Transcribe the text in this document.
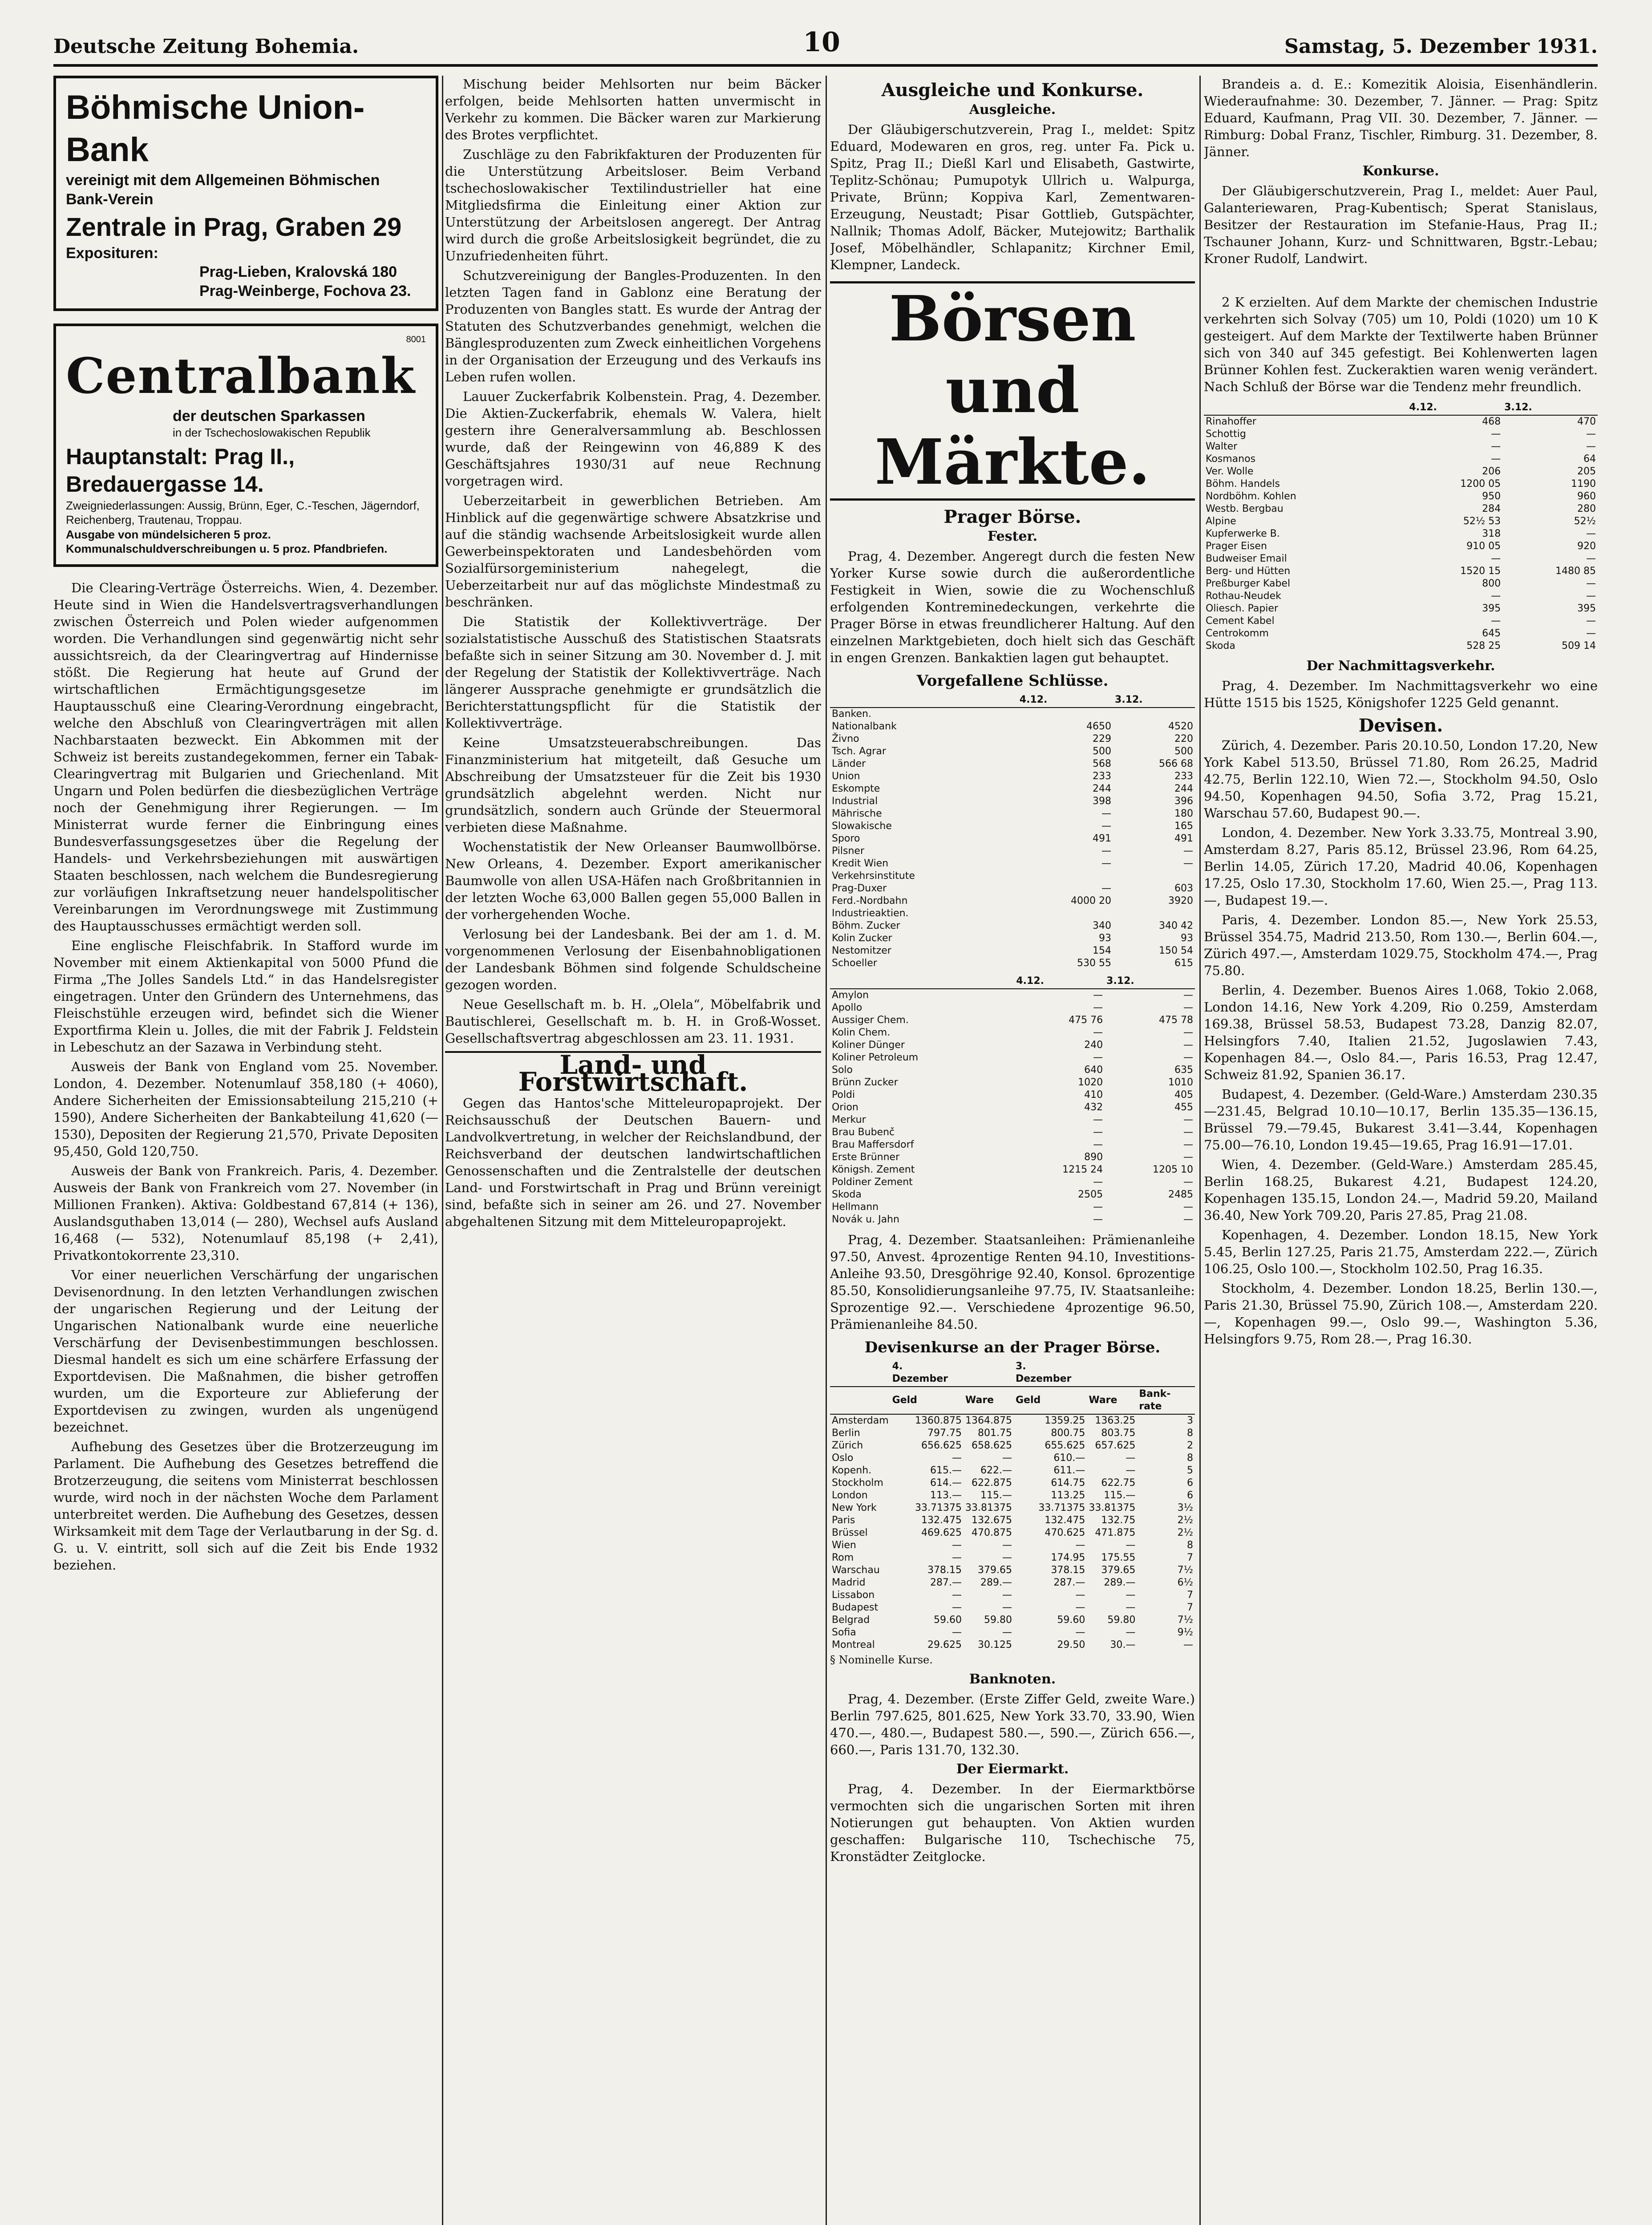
Deutsche Zeitung Bohemia.	10	Samstag, 5. Dezember 1931.
Böhmische Union-Bank
vereinigt mit dem Allgemeinen Böhmischen
Bank-Verein
Zentrale in Prag, Graben 29
Exposituren:
Prag-Lieben, Kralovská 180
Prag-Weinberge, Fochova 23.
8001
Centralbank
der deutschen Sparkassen
in der Tschechoslowakischen Republik
Hauptanstalt: Prag II., Bredauergasse 14.
Zweigniederlassungen: Aussig, Brünn, Eger, C.-Teschen, Jägerndorf, Reichenberg, Trautenau, Troppau.
Ausgabe von mündelsicheren 5 proz. Kommunalschuldverschreibungen u. 5 proz. Pfandbriefen.

Die Clearing-Verträge Österreichs. Wien, 4. Dezember. Heute sind in Wien die Handelsvertragsverhandlungen zwischen Österreich und Polen wieder aufgenommen worden. Die Verhandlungen sind gegenwärtig nicht sehr aussichtsreich, da der Clearingvertrag auf Hindernisse stößt. Die Regierung hat heute auf Grund der wirtschaftlichen Ermächtigungsgesetze im Hauptausschuß eine Clearing-Verordnung eingebracht, welche den Abschluß von Clearingverträgen mit allen Nachbarstaaten bezweckt. Ein Abkommen mit der Schweiz ist bereits zustandegekommen, ferner ein Tabak-Clearingvertrag mit Bulgarien und Griechenland. Mit Ungarn und Polen bedürfen die diesbezüglichen Verträge noch der Genehmigung ihrer Regierungen. — Im Ministerrat wurde ferner die Einbringung eines Bundesverfassungsgesetzes über die Regelung der Handels- und Verkehrsbeziehungen mit auswärtigen Staaten beschlossen, nach welchem die Bundesregierung zur vorläufigen Inkraftsetzung neuer handelspolitischer Vereinbarungen im Verordnungswege mit Zustimmung des Hauptausschusses ermächtigt werden soll.

Eine englische Fleischfabrik. In Stafford wurde im November mit einem Aktienkapital von 5000 Pfund die Firma „The Jolles Sandels Ltd.“ in das Handelsregister eingetragen. Unter den Gründern des Unternehmens, das Fleischstühle erzeugen wird, befindet sich die Wiener Exportfirma Klein u. Jolles, die mit der Fabrik J. Feldstein in Lebeschutz an der Sazawa in Verbindung steht.

Ausweis der Bank von England vom 25. November. London, 4. Dezember. Notenumlauf 358,180 (+ 4060), Andere Sicherheiten der Emissionsabteilung 215,210 (+ 1590), Andere Sicherheiten der Bankabteilung 41,620 (— 1530), Depositen der Regierung 21,570, Private Depositen 95,450, Gold 120,750.

Ausweis der Bank von Frankreich. Paris, 4. Dezember. Ausweis der Bank von Frankreich vom 27. November (in Millionen Franken). Aktiva: Goldbestand 67,814 (+ 136), Auslandsguthaben 13,014 (— 280), Wechsel aufs Ausland 16,468 (— 532), Notenumlauf 85,198 (+ 2,41), Privatkontokorrente 23,310.

Vor einer neuerlichen Verschärfung der ungarischen Devisenordnung. In den letzten Verhandlungen zwischen der ungarischen Regierung und der Leitung der Ungarischen Nationalbank wurde eine neuerliche Verschärfung der Devisenbestimmungen beschlossen. Diesmal handelt es sich um eine schärfere Erfassung der Exportdevisen. Die Maßnahmen, die bisher getroffen wurden, um die Exporteure zur Ablieferung der Exportdevisen zu zwingen, wurden als ungenügend bezeichnet.

Aufhebung des Gesetzes über die Brotzerzeugung im Parlament. Die Aufhebung des Gesetzes betreffend die Brotzerzeugung, die seitens vom Ministerrat beschlossen wurde, wird noch in der nächsten Woche dem Parlament unterbreitet werden. Die Aufhebung des Gesetzes, dessen Wirksamkeit mit dem Tage der Verlautbarung in der Sg. d. G. u. V. eintritt, soll sich auf die Zeit bis Ende 1932 beziehen.

Mischung beider Mehlsorten nur beim Bäcker erfolgen, beide Mehlsorten hatten unvermischt in Verkehr zu kommen. Die Bäcker waren zur Markierung des Brotes verpflichtet.

Zuschläge zu den Fabrikfakturen der Produzenten für die Unterstützung Arbeitsloser. Beim Verband tschechoslowakischer Textilindustrieller hat eine Mitgliedsfirma die Einleitung einer Aktion zur Unterstützung der Arbeitslosen angeregt. Der Antrag wird durch die große Arbeitslosigkeit begründet, die zu Unzufriedenheiten führt.

Schutzvereinigung der Bangles-Produzenten. In den letzten Tagen fand in Gablonz eine Beratung der Produzenten von Bangles statt. Es wurde der Antrag der Statuten des Schutzverbandes genehmigt, welchen die Bänglesproduzenten zum Zweck einheitlichen Vorgehens in der Organisation der Erzeugung und des Verkaufs ins Leben rufen wollen.

Lauuer Zuckerfabrik Kolbenstein. Prag, 4. Dezember. Die Aktien-Zuckerfabrik, ehemals W. Valera, hielt gestern ihre Generalversammlung ab. Beschlossen wurde, daß der Reingewinn von 46,889 K des Geschäftsjahres 1930/31 auf neue Rechnung vorgetragen wird.

Ueberzeitarbeit in gewerblichen Betrieben. Am Hinblick auf die gegenwärtige schwere Absatzkrise und auf die ständig wachsende Arbeitslosigkeit wurde allen Gewerbeinspektoraten und Landesbehörden vom Sozialfürsorgeministerium nahegelegt, die Ueberzeitarbeit nur auf das möglichste Mindestmaß zu beschränken.

Die Statistik der Kollektivverträge. Der sozialstatistische Ausschuß des Statistischen Staatsrats befaßte sich in seiner Sitzung am 30. November d. J. mit der Regelung der Statistik der Kollektivverträge. Nach längerer Aussprache genehmigte er grundsätzlich die Berichterstattungspflicht für die Statistik der Kollektivverträge.

Keine Umsatzsteuerabschreibungen. Das Finanzministerium hat mitgeteilt, daß Gesuche um Abschreibung der Umsatzsteuer für die Zeit bis 1930 grundsätzlich abgelehnt werden. Nicht nur grundsätzlich, sondern auch Gründe der Steuermoral verbieten diese Maßnahme.

Wochenstatistik der New Orleanser Baumwollbörse. New Orleans, 4. Dezember. Export amerikanischer Baumwolle von allen USA-Häfen nach Großbritannien in der letzten Woche 63,000 Ballen gegen 55,000 Ballen in der vorhergehenden Woche.

Verlosung bei der Landesbank. Bei der am 1. d. M. vorgenommenen Verlosung der Eisenbahnobligationen der Landesbank Böhmen sind folgende Schuldscheine gezogen worden.

Neue Gesellschaft m. b. H. „Olela“, Möbelfabrik und Bautischlerei, Gesellschaft m. b. H. in Groß-Wosset. Gesellschaftsvertrag abgeschlossen am 23. 11. 1931.

Land- und Forstwirtschaft.

Gegen das Hantos'sche Mitteleuropaprojekt. Der Reichsausschuß der Deutschen Bauern- und Landvolkvertretung, in welcher der Reichslandbund, der Reichsverband der deutschen landwirtschaftlichen Genossenschaften und die Zentralstelle der deutschen Land- und Forstwirtschaft in Prag und Brünn vereinigt sind, befaßte sich in seiner am 26. und 27. November abgehaltenen Sitzung mit dem Mitteleuropaprojekt.

Ausgleiche und Konkurse.
Ausgleiche.

Der Gläubigerschutzverein, Prag I., meldet: Spitz Eduard, Modewaren en gros, reg. unter Fa. Pick u. Spitz, Prag II.; Dießl Karl und Elisabeth, Gastwirte, Teplitz-Schönau; Pumupotyk Ullrich u. Walpurga, Private, Brünn; Koppiva Karl, Zementwaren-Erzeugung, Neustadt; Pisar Gottlieb, Gutspächter, Nallnik; Thomas Adolf, Bäcker, Mutejowitz; Barthalik Josef, Möbelhändler, Schlapanitz; Kirchner Emil, Klempner, Landeck.

Börsen und Märkte.
Prager Börse.
Fester.

Prag, 4. Dezember. Angeregt durch die festen New Yorker Kurse sowie durch die außerordentliche Festigkeit in Wien, sowie die zu Wochenschluß erfolgenden Kontreminedeckungen, verkehrte die Prager Börse in etwas freundlicherer Haltung. Auf den einzelnen Marktgebieten, doch hielt sich das Geschäft in engen Grenzen. Bankaktien lagen gut behauptet.

Vorgefallene Schlüsse.
	4.12.	3.12.
Banken.		
Nationalbank	4650	4520
Živno	229	220
Tsch. Agrar	500	500
Länder	568	566 68
Union	233	233
Eskompte	244	244
Industrial	398	396
Mährische	—	180
Slowakische	—	165
Sporo	491	491
Pilsner	—	—
Kredit Wien	—	—
Verkehrsinstitute		
Prag-Duxer	—	603
Ferd.-Nordbahn	4000 20	3920
Industrieaktien.		
Böhm. Zucker	340	340 42
Kolin Zucker	93	93
Nestomitzer	154	150 54
Schoeller	530 55	615
	4.12.	3.12.
Amylon	—	—
Apollo	—	—
Aussiger Chem.	475 76	475 78
Kolin Chem.	—	—
Koliner Dünger	240	—
Koliner Petroleum	—	—
Solo	640	635
Brünn Zucker	1020	1010
Poldi	410	405
Orion	432	455
Merkur	—	—
Brau Bubenč	—	—
Brau Maffersdorf	—	—
Erste Brünner	890	—
Königsh. Zement	1215 24	1205 10
Poldiner Zement	—	—
Skoda	2505	2485
Hellmann	—	—
Novák u. Jahn	—	—

Prag, 4. Dezember. Staatsanleihen: Prämienanleihe 97.50, Anvest. 4prozentige Renten 94.10, Investitions-Anleihe 93.50, Dresgöhrige 92.40, Konsol. 6prozentige 85.50, Konsolidierungsanleihe 97.75, IV. Staatsanleihe: Sprozentige 92.—. Verschiedene 4prozentige 96.50, Prämienanleihe 84.50.

Devisenkurse an der Prager Börse.
	4. Dezember		3. Dezember		
	Geld	Ware	Geld	Ware	Bank-rate
Amsterdam	1360.875	1364.875	1359.25	1363.25	3
Berlin	797.75	801.75	800.75	803.75	8
Zürich	656.625	658.625	655.625	657.625	2
Oslo	—	—	610.—	—	8
Kopenh.	615.—	622.—	611.—	—	5
Stockholm	614.—	622.875	614.75	622.75	6
London	113.—	115.—	113.25	115.—	6
New York	33.71375	33.81375	33.71375	33.81375	3½
Paris	132.475	132.675	132.475	132.75	2½
Brüssel	469.625	470.875	470.625	471.875	2½
Wien	—	—	—	—	8
Rom	—	—	174.95	175.55	7
Warschau	378.15	379.65	378.15	379.65	7½
Madrid	287.—	289.—	287.—	289.—	6½
Lissabon	—	—	—	—	7
Budapest	—	—	—	—	7
Belgrad	59.60	59.80	59.60	59.80	7½
Sofia	—	—	—	—	9½
Montreal	29.625	30.125	29.50	30.—	—
§ Nominelle Kurse.
Banknoten.

Prag, 4. Dezember. (Erste Ziffer Geld, zweite Ware.) Berlin 797.625, 801.625, New York 33.70, 33.90, Wien 470.—, 480.—, Budapest 580.—, 590.—, Zürich 656.—, 660.—, Paris 131.70, 132.30.

Der Eiermarkt.

Prag, 4. Dezember. In der Eiermarktbörse vermochten sich die ungarischen Sorten mit ihren Notierungen gut behaupten. Von Aktien wurden geschaffen: Bulgarische 110, Tschechische 75, Kronstädter Zeitglocke.

Brandeis a. d. E.: Komezitik Aloisia, Eisenhändlerin. Wiederaufnahme: 30. Dezember, 7. Jänner. — Prag: Spitz Eduard, Kaufmann, Prag VII. 30. Dezember, 7. Jänner. — Rimburg: Dobal Franz, Tischler, Rimburg. 31. Dezember, 8. Jänner.

Konkurse.

Der Gläubigerschutzverein, Prag I., meldet: Auer Paul, Galanteriewaren, Prag-Kubentisch; Sperat Stanislaus, Besitzer der Restauration im Stefanie-Haus, Prag II.; Tschauner Johann, Kurz- und Schnittwaren, Bgstr.-Lebau; Kroner Rudolf, Landwirt.

2 K erzielten. Auf dem Markte der chemischen Industrie verkehrten sich Solvay (705) um 10, Poldi (1020) um 10 K gesteigert. Auf dem Markte der Textilwerte haben Brünner sich von 340 auf 345 gefestigt. Bei Kohlenwerten lagen Brünner Kohlen fest. Zuckeraktien waren wenig verändert. Nach Schluß der Börse war die Tendenz mehr freundlich.

	4.12.	3.12.
Rinahoffer	468	470
Schottig	—	—
Walter	—	—
Kosmanos	—	64
Ver. Wolle	206	205
Böhm. Handels	1200 05	1190
Nordböhm. Kohlen	950	960
Westb. Bergbau	284	280
Alpine	52½ 53	52½
Kupferwerke B.	318	—
Prager Eisen	910 05	920
Budweiser Email	—	—
Berg- und Hütten	1520 15	1480 85
Preßburger Kabel	800	—
Rothau-Neudek	—	—
Oliesch. Papier	395	395
Cement Kabel	—	—
Centrokomm	645	—
Skoda	528 25	509 14
Der Nachmittagsverkehr.

Prag, 4. Dezember. Im Nachmittagsverkehr wo eine Hütte 1515 bis 1525, Königshofer 1225 Geld genannt.

Devisen.

Zürich, 4. Dezember. Paris 20.10.50, London 17.20, New York Kabel 513.50, Brüssel 71.80, Rom 26.25, Madrid 42.75, Berlin 122.10, Wien 72.—, Stockholm 94.50, Oslo 94.50, Kopenhagen 94.50, Sofia 3.72, Prag 15.21, Warschau 57.60, Budapest 90.—.

London, 4. Dezember. New York 3.33.75, Montreal 3.90, Amsterdam 8.27, Paris 85.12, Brüssel 23.96, Rom 64.25, Berlin 14.05, Zürich 17.20, Madrid 40.06, Kopenhagen 17.25, Oslo 17.30, Stockholm 17.60, Wien 25.—, Prag 113.—, Budapest 19.—.

Paris, 4. Dezember. London 85.—, New York 25.53, Brüssel 354.75, Madrid 213.50, Rom 130.—, Berlin 604.—, Zürich 497.—, Amsterdam 1029.75, Stockholm 474.—, Prag 75.80.

Berlin, 4. Dezember. Buenos Aires 1.068, Tokio 2.068, London 14.16, New York 4.209, Rio 0.259, Amsterdam 169.38, Brüssel 58.53, Budapest 73.28, Danzig 82.07, Helsingfors 7.40, Italien 21.52, Jugoslawien 7.43, Kopenhagen 84.—, Oslo 84.—, Paris 16.53, Prag 12.47, Schweiz 81.92, Spanien 36.17.

Budapest, 4. Dezember. (Geld-Ware.) Amsterdam 230.35—231.45, Belgrad 10.10—10.17, Berlin 135.35—136.15, Brüssel 79.—79.45, Bukarest 3.41—3.44, Kopenhagen 75.00—76.10, London 19.45—19.65, Prag 16.91—17.01.

Wien, 4. Dezember. (Geld-Ware.) Amsterdam 285.45, Berlin 168.25, Bukarest 4.21, Budapest 124.20, Kopenhagen 135.15, London 24.—, Madrid 59.20, Mailand 36.40, New York 709.20, Paris 27.85, Prag 21.08.

Kopenhagen, 4. Dezember. London 18.15, New York 5.45, Berlin 127.25, Paris 21.75, Amsterdam 222.—, Zürich 106.25, Oslo 100.—, Stockholm 102.50, Prag 16.35.

Stockholm, 4. Dezember. London 18.25, Berlin 130.—, Paris 21.30, Brüssel 75.90, Zürich 108.—, Amsterdam 220.—, Kopenhagen 99.—, Oslo 99.—, Washington 5.36, Helsingfors 9.75, Rom 28.—, Prag 16.30.
